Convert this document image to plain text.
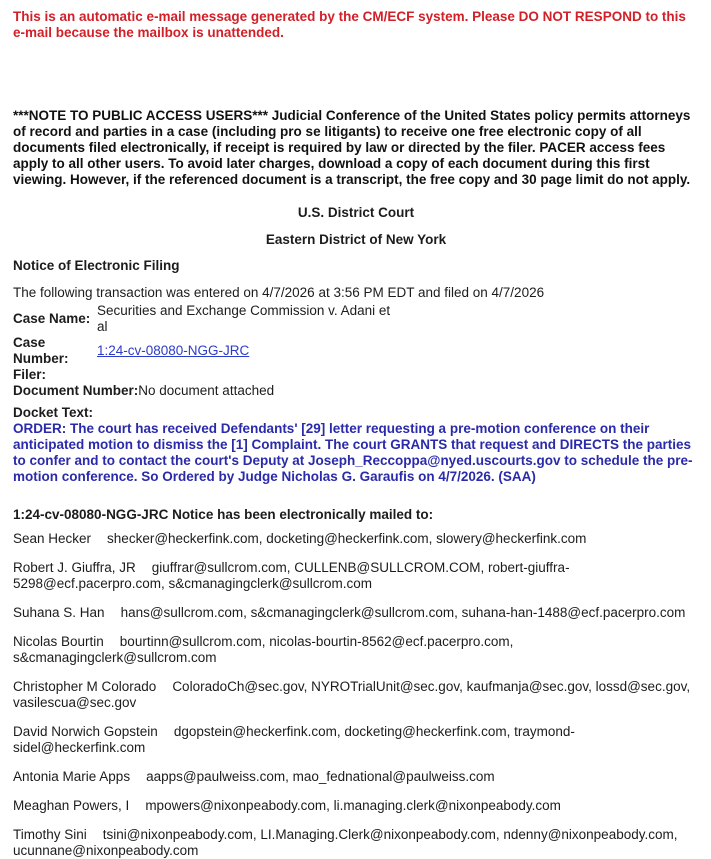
This is an automatic e-mail message generated by the CM/ECF system. Please DO NOT RESPOND to this e-mail because the mailbox is unattended.

***NOTE TO PUBLIC ACCESS USERS*** Judicial Conference of the United States policy permits attorneys of record and parties in a case (including pro se litigants) to receive one free electronic copy of all documents filed electronically, if receipt is required by law or directed by the filer. PACER access fees apply to all other users. To avoid later charges, download a copy of each document during this first viewing. However, if the referenced document is a transcript, the free copy and 30 page limit do not apply.

U.S. District Court

Eastern District of New York

Notice of Electronic Filing

The following transaction was entered on 4/7/2026 at 3:56 PM EDT and filed on 4/7/2026

Case Name:
Securities and Exchange Commission v. Adani et al
Case Number:
1:24-cv-08080-NGG-JRC
Filer:
Document Number:No document attached

Docket Text:

ORDER: The court has received Defendants' [29] letter requesting a pre-motion conference on their anticipated motion to dismiss the [1] Complaint. The court GRANTS that request and DIRECTS the parties to confer and to contact the court's Deputy at Joseph_Reccoppa@nyed.uscourts.gov to schedule the pre-motion conference. So Ordered by Judge Nicholas G. Garaufis on 4/7/2026. (SAA)

1:24-cv-08080-NGG-JRC Notice has been electronically mailed to:

Sean Hecker shecker@heckerfink.com, docketing@heckerfink.com, slowery@heckerfink.com

Robert J. Giuffra, JR giuffrar@sullcrom.com, CULLENB@SULLCROM.COM, robert-giuffra-5298@ecf.pacerpro.com, s&cmanagingclerk@sullcrom.com

Suhana S. Han hans@sullcrom.com, s&cmanagingclerk@sullcrom.com, suhana-han-1488@ecf.pacerpro.com

Nicolas Bourtin bourtinn@sullcrom.com, nicolas-bourtin-8562@ecf.pacerpro.com, s&cmanagingclerk@sullcrom.com

Christopher M Colorado ColoradoCh@sec.gov, NYROTrialUnit@sec.gov, kaufmanja@sec.gov, lossd@sec.gov, vasilescua@sec.gov

David Norwich Gopstein dgopstein@heckerfink.com, docketing@heckerfink.com, traymond-sidel@heckerfink.com

Antonia Marie Apps aapps@paulweiss.com, mao_fednational@paulweiss.com

Meaghan Powers, I mpowers@nixonpeabody.com, li.managing.clerk@nixonpeabody.com

Timothy Sini tsini@nixonpeabody.com, LI.Managing.Clerk@nixonpeabody.com, ndenny@nixonpeabody.com, ucunnane@nixonpeabody.com
